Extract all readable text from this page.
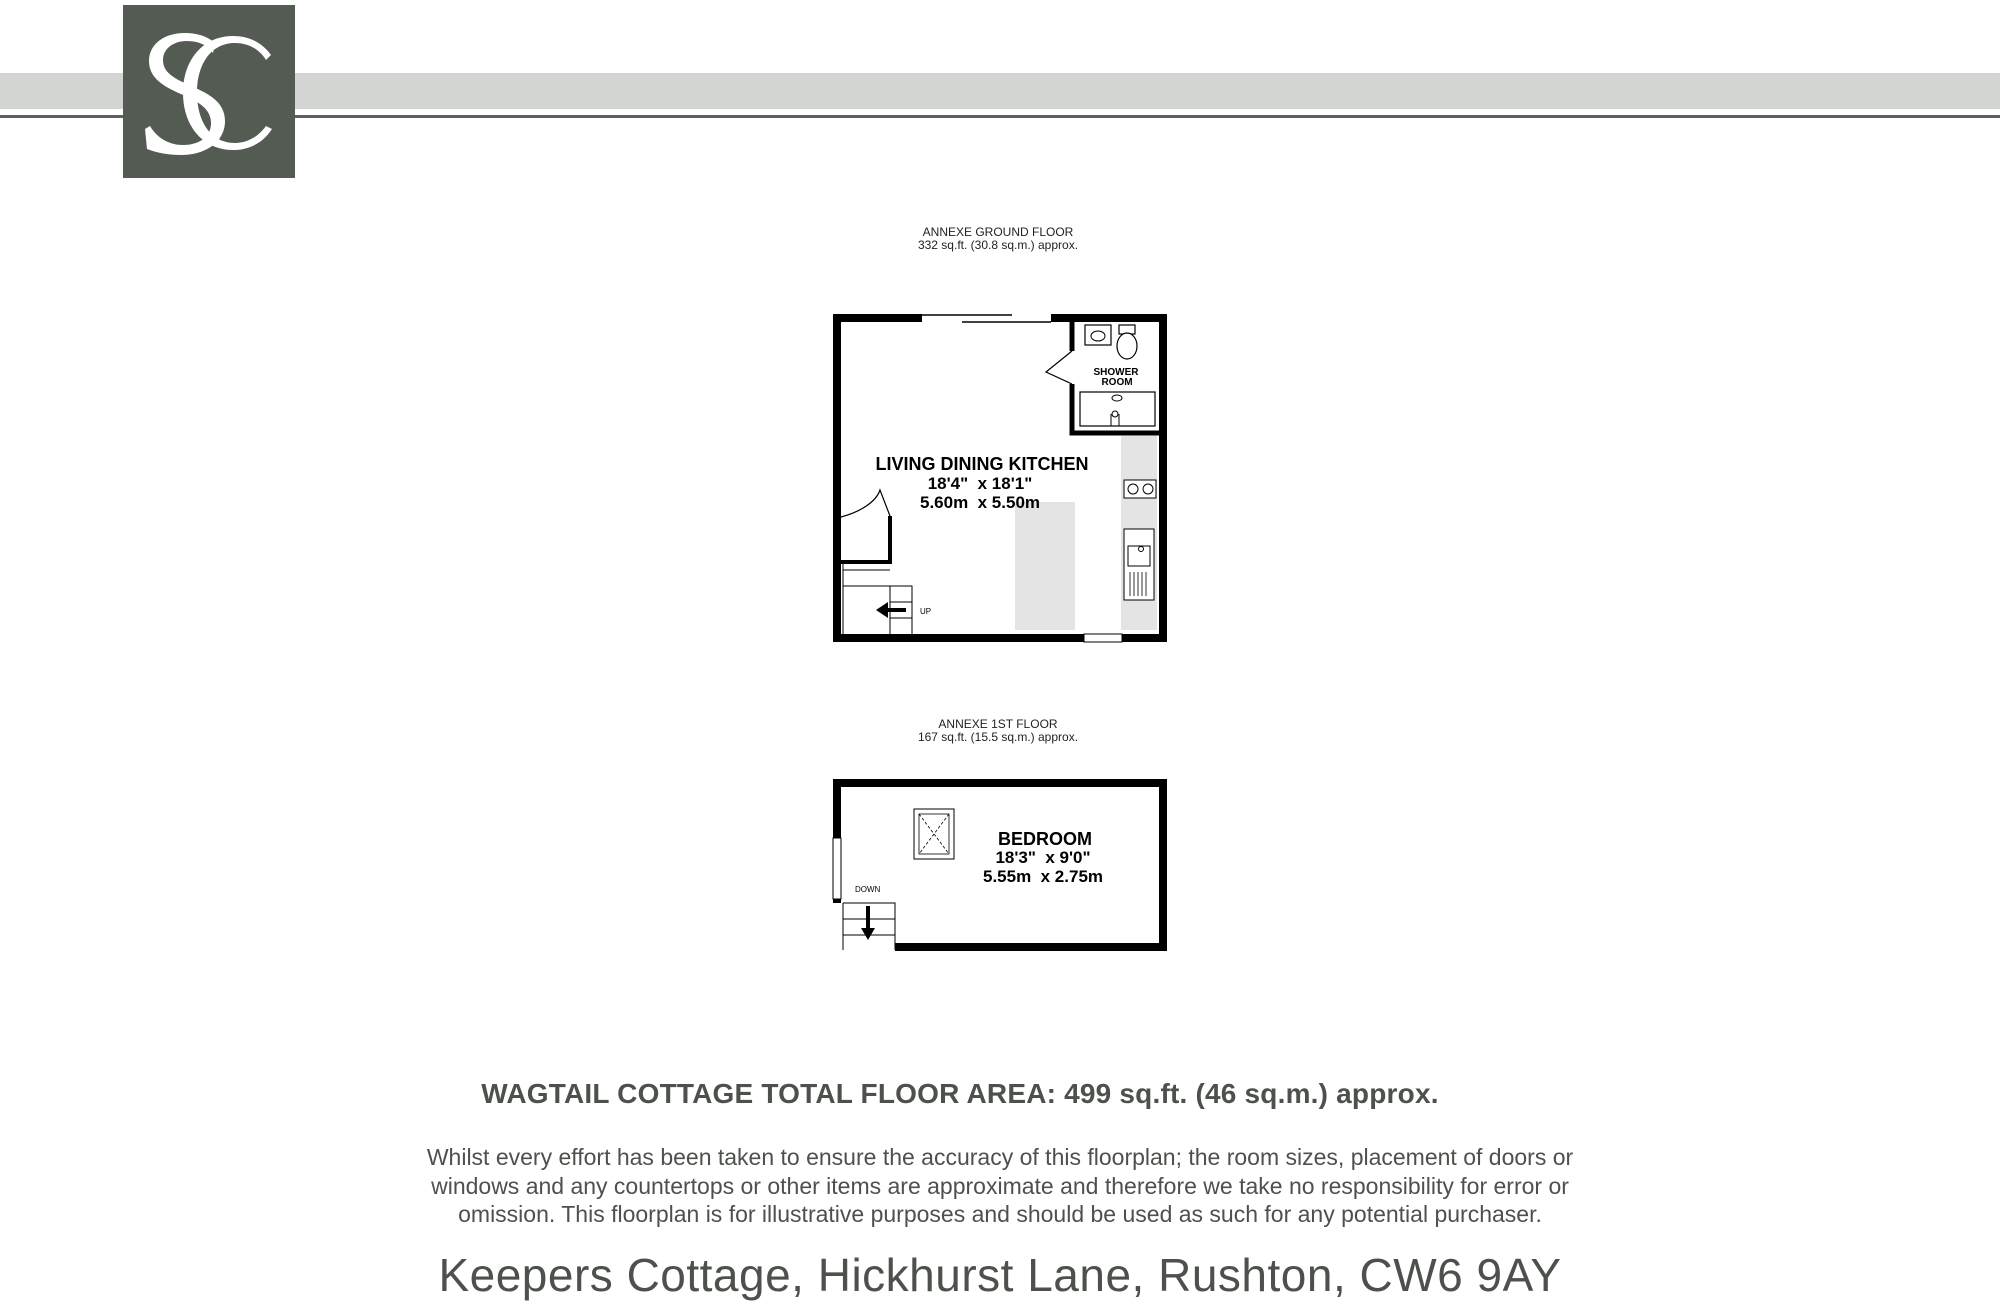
ANNEXE GROUND FLOOR
332 sq.ft. (30.8 sq.m.) approx.
ANNEXE 1ST FLOOR
167 sq.ft. (15.5 sq.m.) approx.
UP
LIVING DINING KITCHEN
18'4"  x 18'1"
5.60m  x 5.50m
SHOWER
ROOM
DOWN
BEDROOM
18'3"  x 9'0"
5.55m  x 2.75m
WAGTAIL COTTAGE TOTAL FLOOR AREA: 499 sq.ft. (46 sq.m.) approx.
Whilst every effort has been taken to ensure the accuracy of this floorplan; the room sizes, placement of doors or windows and any countertops or other items are approximate and therefore we take no responsibility for error or omission. This floorplan is for illustrative purposes and should be used as such for any potential purchaser.
Keepers Cottage, Hickhurst Lane, Rushton, CW6 9AY
